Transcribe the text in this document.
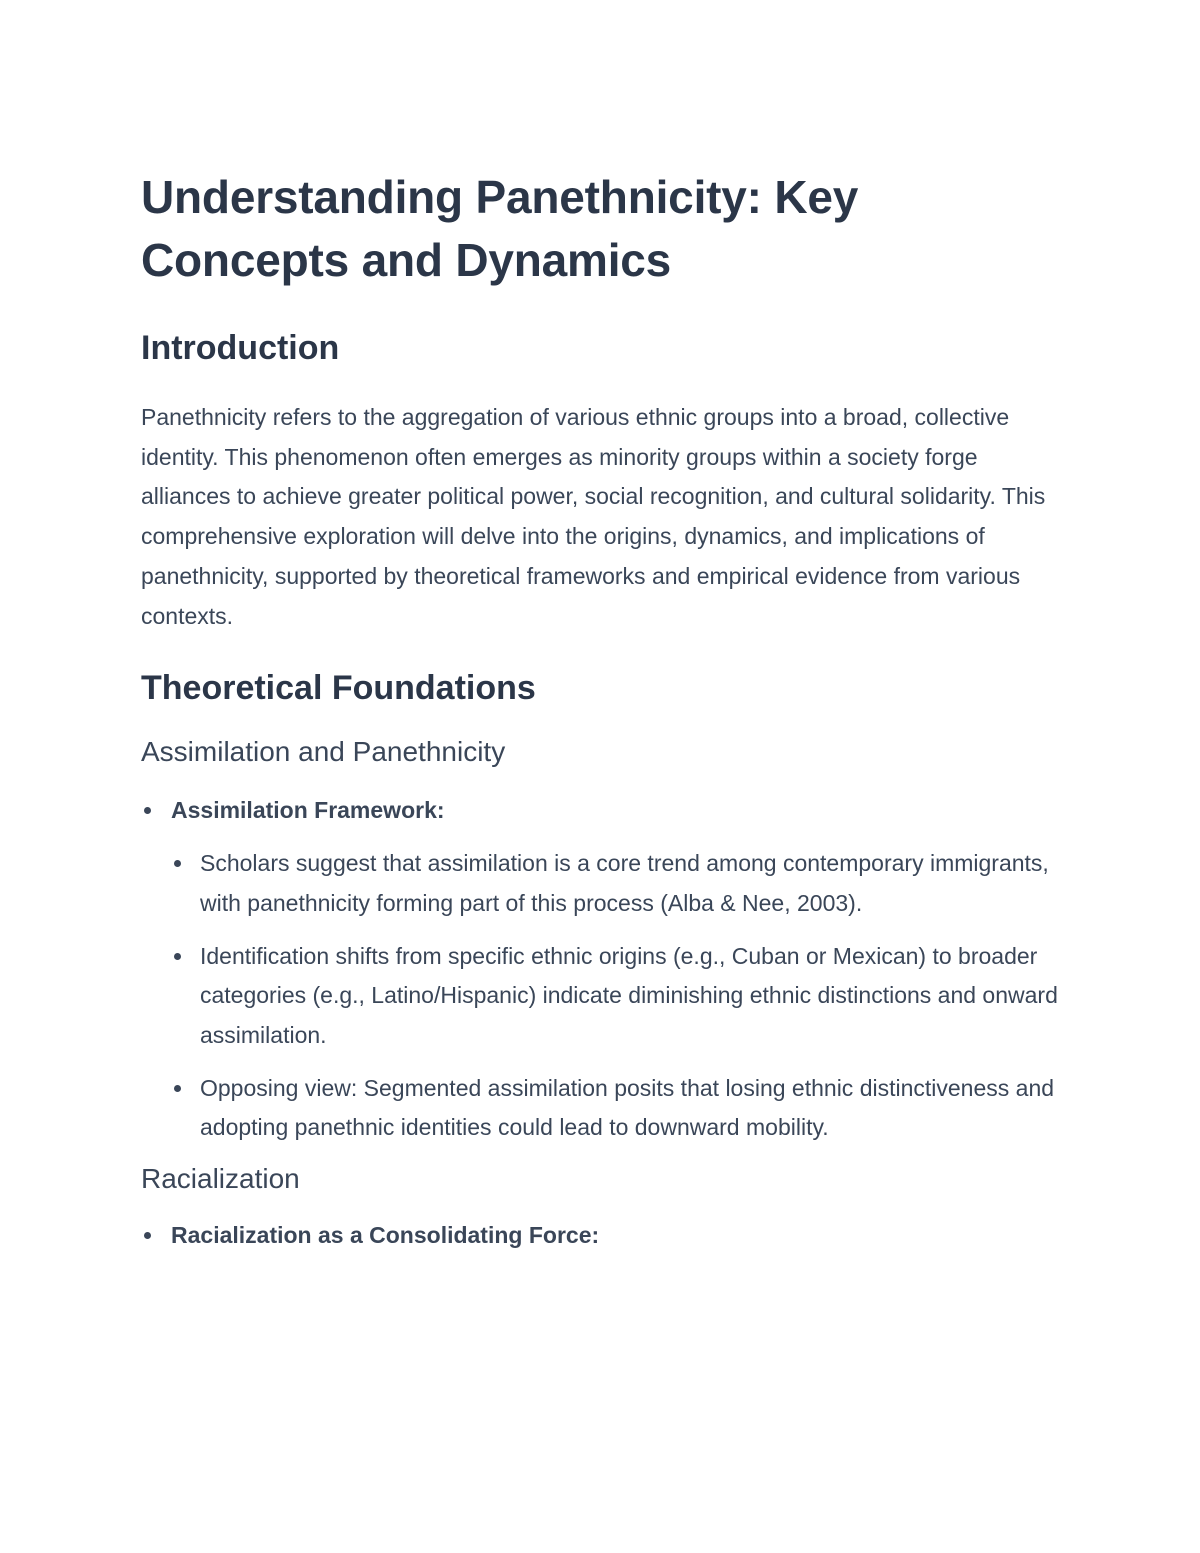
Understanding Panethnicity: Key Concepts and Dynamics
Introduction

Panethnicity refers to the aggregation of various ethnic groups into a broad, collective identity. This phenomenon often emerges as minority groups within a society forge alliances to achieve greater political power, social recognition, and cultural solidarity. This comprehensive exploration will delve into the origins, dynamics, and implications of panethnicity, supported by theoretical frameworks and empirical evidence from various contexts.

Theoretical Foundations
Assimilation and Panethnicity
Assimilation Framework:
Scholars suggest that assimilation is a core trend among contemporary immigrants, with panethnicity forming part of this process (Alba & Nee, 2003).
Identification shifts from specific ethnic origins (e.g., Cuban or Mexican) to broader categories (e.g., Latino/Hispanic) indicate diminishing ethnic distinctions and onward assimilation.
Opposing view: Segmented assimilation posits that losing ethnic distinctiveness and adopting panethnic identities could lead to downward mobility.
Racialization
Racialization as a Consolidating Force:
